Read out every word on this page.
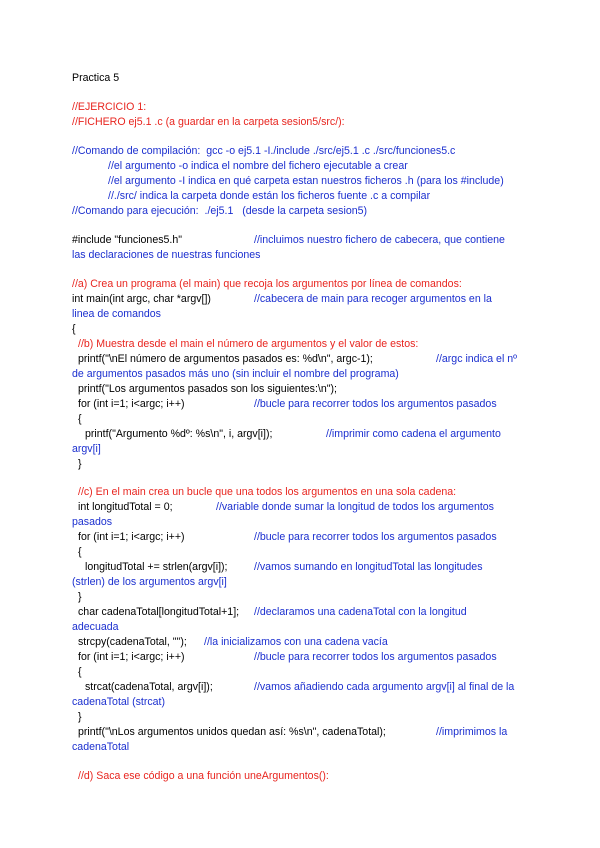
Practica 5
//EJERCICIO 1:
//FICHERO ej5.1 .c (a guardar en la carpeta sesion5/src/):
//Comando de compilación:  gcc -o ej5.1 -I./include ./src/ej5.1 .c ./src/funciones5.c
//el argumento -o indica el nombre del fichero ejecutable a crear
//el argumento -I indica en qué carpeta estan nuestros ficheros .h (para los #include)
//./src/ indica la carpeta donde están los ficheros fuente .c a compilar
//Comando para ejecución:  ./ej5.1   (desde la carpeta sesion5)
#include "funciones5.h"	//incluimos nuestro fichero de cabecera, que contiene
las declaraciones de nuestras funciones
//a) Crea un programa (el main) que recoja los argumentos por línea de comandos:
int main(int argc, char *argv[])	//cabecera de main para recoger argumentos en la
linea de comandos
{
//b) Muestra desde el main el número de argumentos y el valor de estos:
printf("\nEl número de argumentos pasados es: %d\n", argc-1);	//argc indica el nº
de argumentos pasados más uno (sin incluir el nombre del programa)
printf("Los argumentos pasados son los siguientes:\n");
for (int i=1; i<argc; i++)	//bucle para recorrer todos los argumentos pasados
{
printf("Argumento %dº: %s\n", i, argv[i]);	//imprimir como cadena el argumento
argv[i]
}
//c) En el main crea un bucle que una todos los argumentos en una sola cadena:
int longitudTotal = 0;	//variable donde sumar la longitud de todos los argumentos
pasados
for (int i=1; i<argc; i++)	//bucle para recorrer todos los argumentos pasados
{
longitudTotal += strlen(argv[i]);	//vamos sumando en longitudTotal las longitudes
(strlen) de los argumentos argv[i]
}
char cadenaTotal[longitudTotal+1]; //declaramos una cadenaTotal con la longitud
adecuada
strcpy(cadenaTotal, ""); //la inicializamos con una cadena vacía
for (int i=1; i<argc; i++)	//bucle para recorrer todos los argumentos pasados
{
strcat(cadenaTotal, argv[i]);	//vamos añadiendo cada argumento argv[i] al final de la
cadenaTotal (strcat)
}
printf("\nLos argumentos unidos quedan así: %s\n", cadenaTotal);	//imprimimos la
cadenaTotal
//d) Saca ese código a una función uneArgumentos():
